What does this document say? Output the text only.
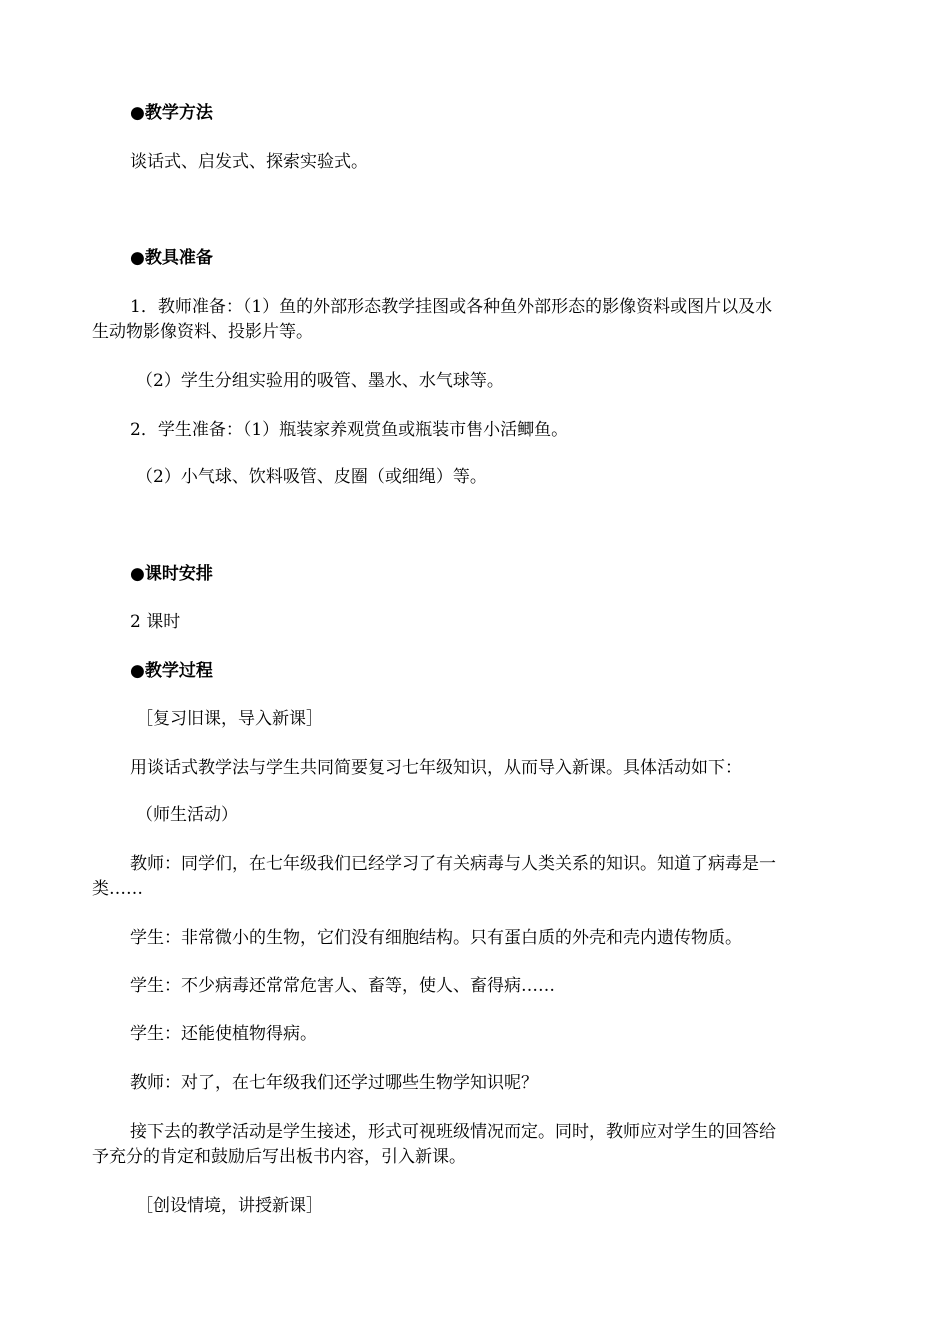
●教学方法
谈话式、启发式、探索实验式。
●教具准备
1．教师准备：（1）鱼的外部形态教学挂图或各种鱼外部形态的影像资料或图片以及水
生动物影像资料、投影片等。
（2）学生分组实验用的吸管、墨水、水气球等。
2．学生准备：（1）瓶装家养观赏鱼或瓶装市售小活鲫鱼。
（2）小气球、饮料吸管、皮圈（或细绳）等。
●课时安排
2 课时
●教学过程
［复习旧课，导入新课］
用谈话式教学法与学生共同简要复习七年级知识，从而导入新课。具体活动如下：
（师生活动）
教师：同学们，在七年级我们已经学习了有关病毒与人类关系的知识。知道了病毒是一
类……
学生：非常微小的生物，它们没有细胞结构。只有蛋白质的外壳和壳内遗传物质。
学生：不少病毒还常常危害人、畜等，使人、畜得病……
学生：还能使植物得病。
教师：对了，在七年级我们还学过哪些生物学知识呢？
接下去的教学活动是学生接述，形式可视班级情况而定。同时，教师应对学生的回答给
予充分的肯定和鼓励后写出板书内容，引入新课。
［创设情境，讲授新课］
